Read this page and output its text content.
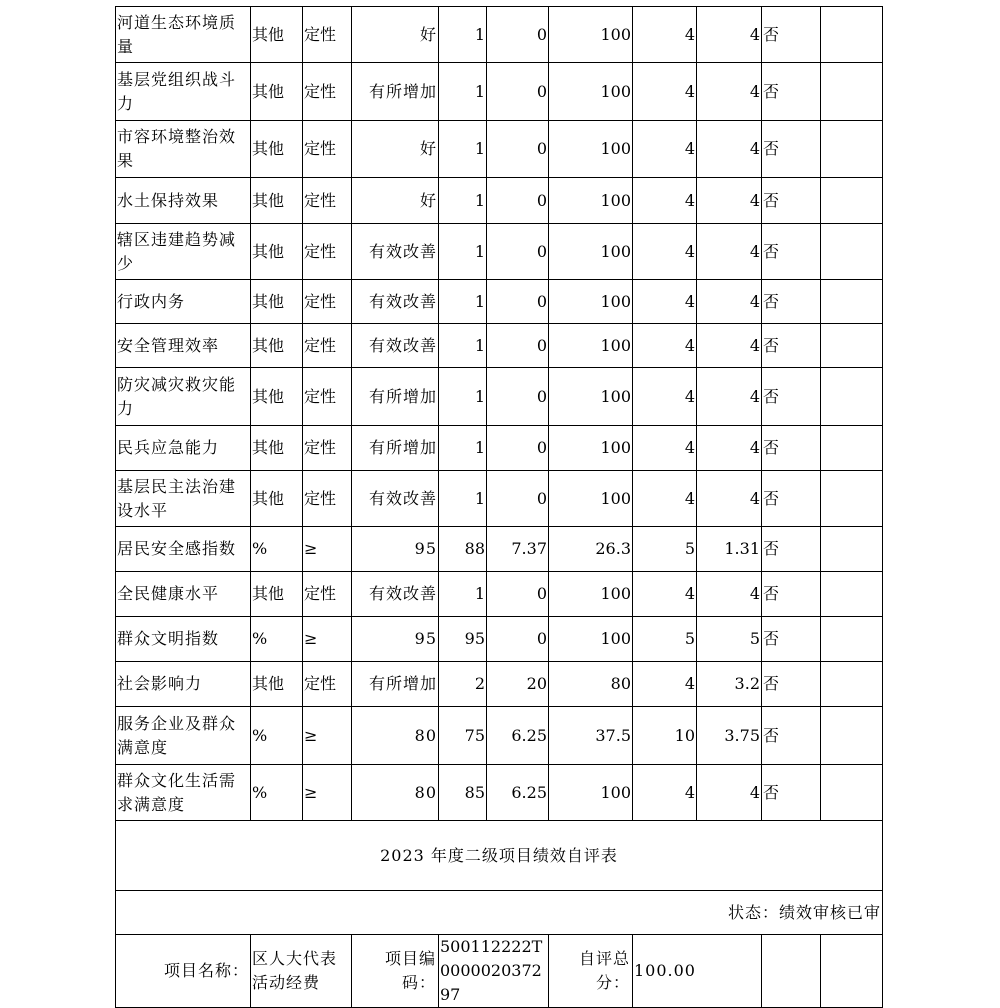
河道生态环境质量	其他	定性	好	1	0	100	4	4	否	
基层党组织战斗力	其他	定性	有所增加	1	0	100	4	4	否	
市容环境整治效果	其他	定性	好	1	0	100	4	4	否	
水土保持效果	其他	定性	好	1	0	100	4	4	否	
辖区违建趋势减少	其他	定性	有效改善	1	0	100	4	4	否	
行政内务	其他	定性	有效改善	1	0	100	4	4	否	
安全管理效率	其他	定性	有效改善	1	0	100	4	4	否	
防灾减灾救灾能力	其他	定性	有所增加	1	0	100	4	4	否	
民兵应急能力	其他	定性	有所增加	1	0	100	4	4	否	
基层民主法治建设水平	其他	定性	有效改善	1	0	100	4	4	否	
居民安全感指数	%	≥	95	88	7.37	26.3	5	1.31	否	
全民健康水平	其他	定性	有效改善	1	0	100	4	4	否	
群众文明指数	%	≥	95	95	0	100	5	5	否	
社会影响力	其他	定性	有所增加	2	20	80	4	3.2	否	
服务企业及群众满意度	%	≥	80	75	6.25	37.5	10	3.75	否	
群众文化生活需求满意度	%	≥	80	85	6.25	100	4	4	否	
2023 年度二级项目绩效自评表										
状态：绩效审核已审										
项目名称：	区人大代表活动经费		项目编码：	500112222T000002037297		自评总分：	100.00			
